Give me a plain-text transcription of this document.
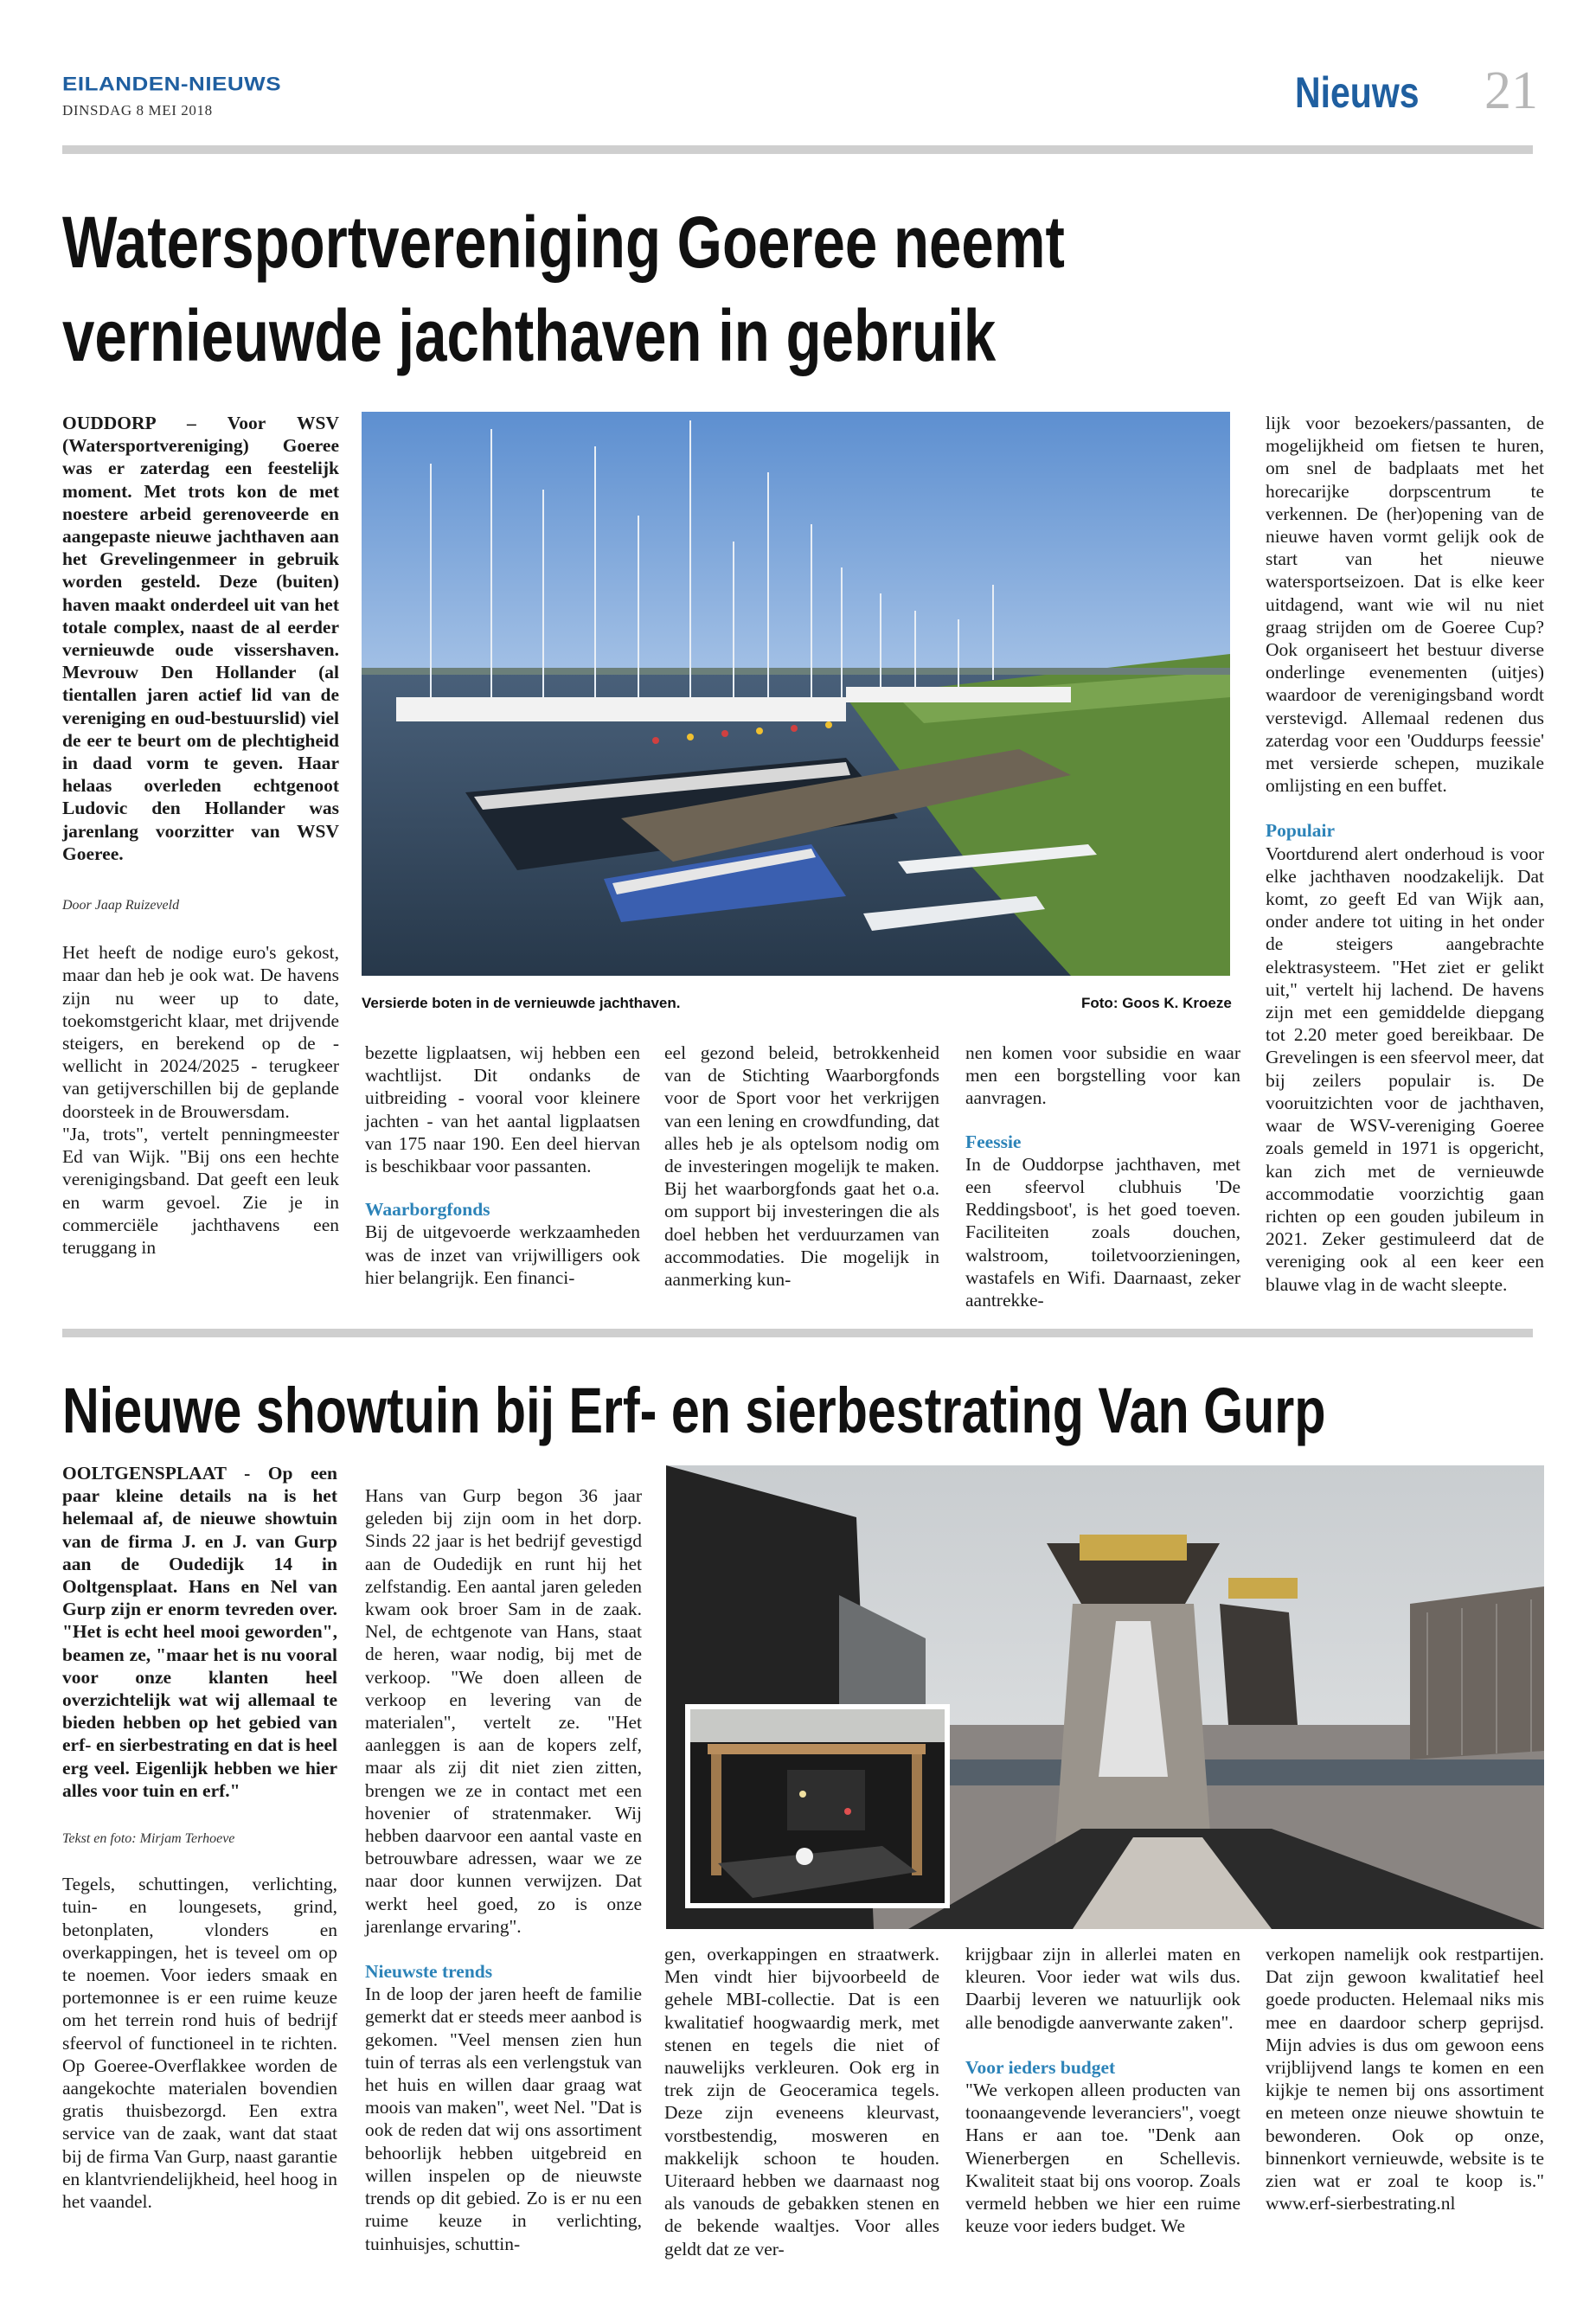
EILANDEN-NIEUWS
DINSDAG 8 MEI 2018	Nieuws 21
Watersportvereniging Goeree neemt
vernieuwde jachthaven in gebruik

OUDDORP – Voor WSV (Watersportvereniging) Goeree was er zaterdag een feestelijk moment. Met trots kon de met noestere arbeid gerenoveerde en aangepaste nieuwe jachthaven aan het Grevelingenmeer in gebruik worden gesteld. Deze (buiten) haven maakt onderdeel uit van het totale complex, naast de al eerder vernieuwde oude vissershaven. Mevrouw Den Hollander (al tientallen jaren actief lid van de vereniging en oud-bestuurslid) viel de eer te beurt om de plechtigheid in daad vorm te geven. Haar helaas overleden echtgenoot Ludovic den Hollander was jarenlang voorzitter van WSV Goeree.

Door Jaap Ruizeveld

Het heeft de nodige euro's gekost, maar dan heb je ook wat. De havens zijn nu weer up to date, toekomstgericht klaar, met drijvende steigers, en berekend op de - wellicht in 2024/2025 - terugkeer van getijverschillen bij de geplande doorsteek in de Brouwersdam.

"Ja, trots", vertelt penningmeester Ed van Wijk. "Bij ons een hechte verenigingsband. Dat geeft een leuk en warm gevoel. Zie je in commerciële jachthavens een teruggang in

Versierde boten in de vernieuwde jachthaven.	Foto: Goos K. Kroeze

bezette ligplaatsen, wij hebben een wachtlijst. Dit ondanks de uitbreiding - vooral voor kleinere jachten - van het aantal ligplaatsen van 175 naar 190. Een deel hiervan is beschikbaar voor passanten.

Waarborgfonds

Bij de uitgevoerde werkzaamheden was de inzet van vrijwilligers ook hier belangrijk. Een financi-

eel gezond beleid, betrokkenheid van de Stichting Waarborgfonds voor de Sport voor het verkrijgen van een lening en crowdfunding, dat alles heb je als optelsom nodig om de investeringen mogelijk te maken. Bij het waarborgfonds gaat het o.a. om support bij investeringen die als doel hebben het verduurzamen van accommodaties. Die mogelijk in aanmerking kun-

nen komen voor subsidie en waar men een borgstelling voor kan aanvragen.

Feessie

In de Ouddorpse jachthaven, met een sfeervol clubhuis 'De Reddingsboot', is het goed toeven. Faciliteiten zoals douchen, walstroom, toiletvoorzieningen, wastafels en Wifi. Daarnaast, zeker aantrekke-

lijk voor bezoekers/passanten, de mogelijkheid om fietsen te huren, om snel de badplaats met het horecarijke dorpscentrum te verkennen. De (her)opening van de nieuwe haven vormt gelijk ook de start van het nieuwe watersportseizoen. Dat is elke keer uitdagend, want wie wil nu niet graag strijden om de Goeree Cup? Ook organiseert het bestuur diverse onderlinge evenementen (uitjes) waardoor de verenigingsband wordt verstevigd. Allemaal redenen dus zaterdag voor een 'Ouddurps feessie' met versierde schepen, muzikale omlijsting en een buffet.

Populair

Voortdurend alert onderhoud is voor elke jachthaven noodzakelijk. Dat komt, zo geeft Ed van Wijk aan, onder andere tot uiting in het onder de steigers aangebrachte elektrasysteem. "Het ziet er gelikt uit," vertelt hij lachend. De havens zijn met een gemiddelde diepgang tot 2.20 meter goed bereikbaar. De Grevelingen is een sfeervol meer, dat bij zeilers populair is. De vooruitzichten voor de jachthaven, waar de WSV-vereniging Goeree zoals gemeld in 1971 is opgericht, kan zich met de vernieuwde accommodatie voorzichtig gaan richten op een gouden jubileum in 2021. Zeker gestimuleerd dat de vereniging ook al een keer een blauwe vlag in de wacht sleepte.

Nieuwe showtuin bij Erf- en sierbestrating Van Gurp

OOLTGENSPLAAT - Op een paar kleine details na is het helemaal af, de nieuwe showtuin van de firma J. en J. van Gurp aan de Oudedijk 14 in Ooltgensplaat. Hans en Nel van Gurp zijn er enorm tevreden over. "Het is echt heel mooi geworden", beamen ze, "maar het is nu vooral voor onze klanten heel overzichtelijk wat wij allemaal te bieden hebben op het gebied van erf- en sierbestrating en dat is heel erg veel. Eigenlijk hebben we hier alles voor tuin en erf."

Tekst en foto: Mirjam Terhoeve

Tegels, schuttingen, verlichting, tuin- en loungesets, grind, betonplaten, vlonders en overkappingen, het is teveel om op te noemen. Voor ieders smaak en portemonnee is er een ruime keuze om het terrein rond huis of bedrijf sfeervol of functioneel in te richten. Op Goeree-Overflakkee worden de aangekochte materialen bovendien gratis thuisbezorgd. Een extra service van de zaak, want dat staat bij de firma Van Gurp, naast garantie en klantvriendelijkheid, heel hoog in het vaandel.

Hans van Gurp begon 36 jaar geleden bij zijn oom in het dorp. Sinds 22 jaar is het bedrijf gevestigd aan de Oudedijk en runt hij het zelfstandig. Een aantal jaren geleden kwam ook broer Sam in de zaak. Nel, de echtgenote van Hans, staat de heren, waar nodig, bij met de verkoop. "We doen alleen de verkoop en levering van de materialen", vertelt ze. "Het aanleggen is aan de kopers zelf, maar als zij dit niet zien zitten, brengen we ze in contact met een hovenier of stratenmaker. Wij hebben daarvoor een aantal vaste en betrouwbare adressen, waar we ze naar door kunnen verwijzen. Dat werkt heel goed, zo is onze jarenlange ervaring".

Nieuwste trends

In de loop der jaren heeft de familie gemerkt dat er steeds meer aanbod is gekomen. "Veel mensen zien hun tuin of terras als een verlengstuk van het huis en willen daar graag wat moois van maken", weet Nel. "Dat is ook de reden dat wij ons assortiment behoorlijk hebben uitgebreid en willen inspelen op de nieuwste trends op dit gebied. Zo is er nu een ruime keuze in verlichting, tuinhuisjes, schuttin-

gen, overkappingen en straatwerk. Men vindt hier bijvoorbeeld de gehele MBI-collectie. Dat is een kwalitatief hoogwaardig merk, met stenen en tegels die niet of nauwelijks verkleuren. Ook erg in trek zijn de Geoceramica tegels. Deze zijn eveneens kleurvast, vorstbestendig, mosweren en makkelijk schoon te houden. Uiteraard hebben we daarnaast nog als vanouds de gebakken stenen en de bekende waaltjes. Voor alles geldt dat ze ver-

krijgbaar zijn in allerlei maten en kleuren. Voor ieder wat wils dus. Daarbij leveren we natuurlijk ook alle benodigde aanverwante zaken".

Voor ieders budget

"We verkopen alleen producten van toonaangevende leveranciers", voegt Hans er aan toe. "Denk aan Wienerbergen en Schellevis. Kwaliteit staat bij ons voorop. Zoals vermeld hebben we hier een ruime keuze voor ieders budget. We

verkopen namelijk ook restpartijen. Dat zijn gewoon kwalitatief heel goede producten. Helemaal niks mis mee en daardoor scherp geprijsd. Mijn advies is dus om gewoon eens vrijblijvend langs te komen en een kijkje te nemen bij ons assortiment en meteen onze nieuwe showtuin te bewonderen. Ook op onze, binnenkort vernieuwde, website is te zien wat er zoal te koop is." www.erf-sierbestrating.nl
